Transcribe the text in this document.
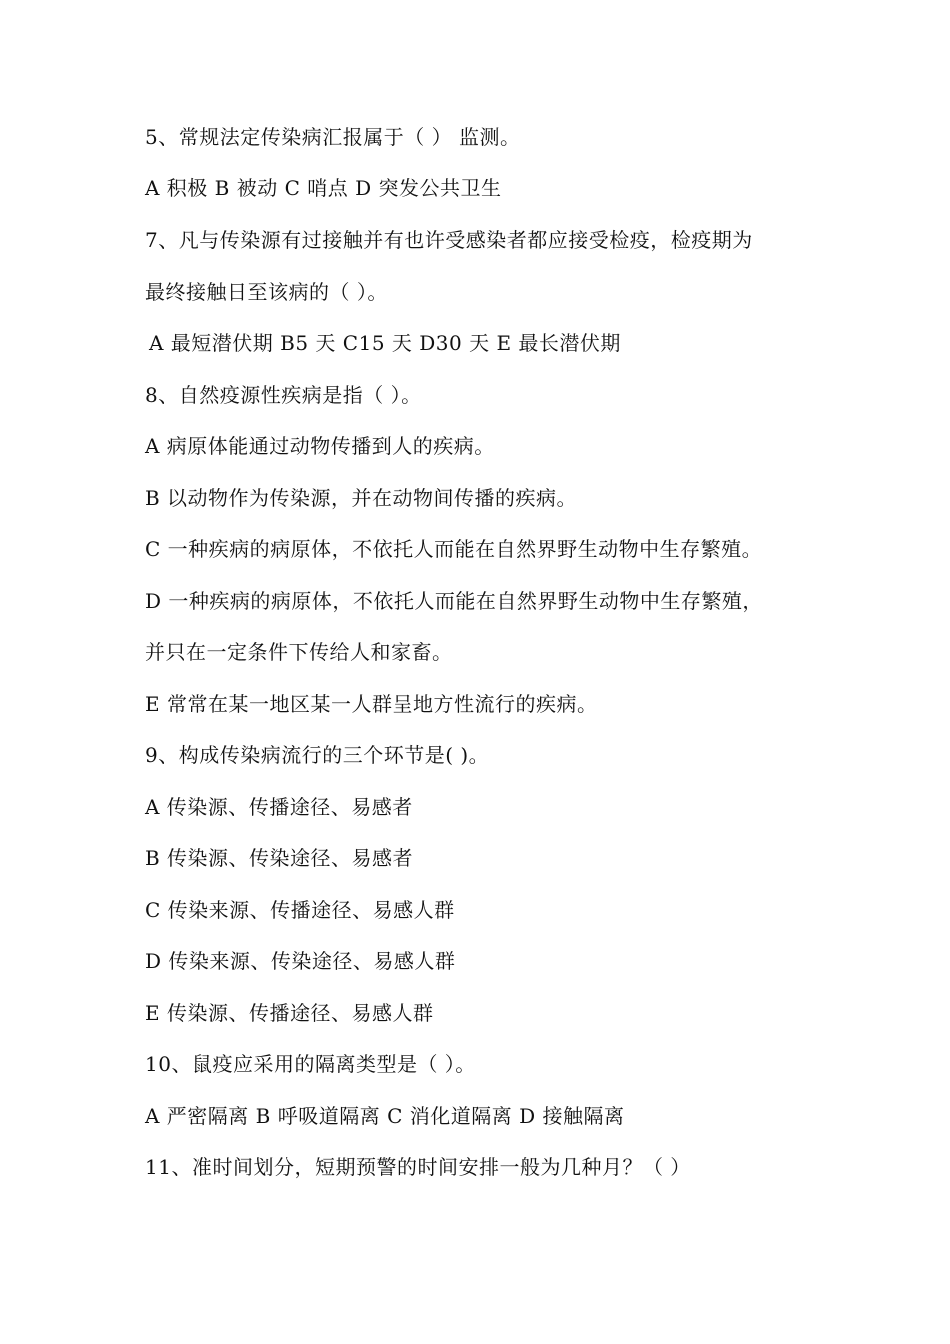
5、常规法定传染病汇报属于（ ） 监测。
A 积极 B 被动 C 哨点 D 突发公共卫生
7、凡与传染源有过接触并有也许受感染者都应接受检疫，检疫期为
最终接触日至该病的（ ）。
A 最短潜伏期 B5 天 C15 天 D30 天 E 最长潜伏期
8、自然疫源性疾病是指（ ）。
A 病原体能通过动物传播到人的疾病。
B 以动物作为传染源，并在动物间传播的疾病。
C 一种疾病的病原体，不依托人而能在自然界野生动物中生存繁殖。
D 一种疾病的病原体，不依托人而能在自然界野生动物中生存繁殖，
并只在一定条件下传给人和家畜。
E 常常在某一地区某一人群呈地方性流行的疾病。
9、构成传染病流行的三个环节是( )。
A 传染源、传播途径、易感者
B 传染源、传染途径、易感者
C 传染来源、传播途径、易感人群
D 传染来源、传染途径、易感人群
E 传染源、传播途径、易感人群
10、鼠疫应采用的隔离类型是（ ）。
A 严密隔离 B 呼吸道隔离 C 消化道隔离 D 接触隔离
11、准时间划分，短期预警的时间安排一般为几种月？（ ）
